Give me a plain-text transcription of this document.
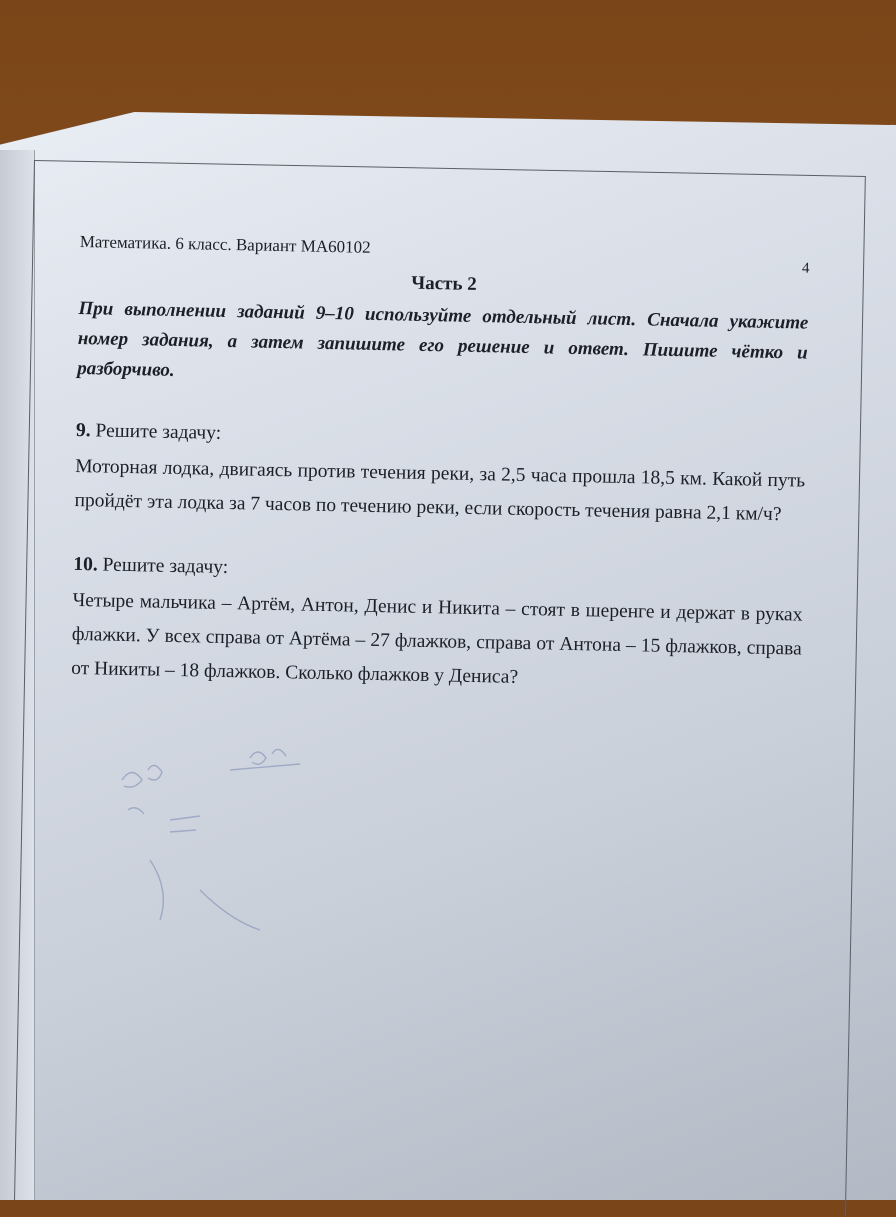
Математика. 6 класс. Вариант МА60102
4
Часть 2
При выполнении заданий 9–10 используйте отдельный лист. Сначала укажите номер задания, а затем запишите его решение и ответ. Пишите чётко и разборчиво.
9. Решите задачу:
Моторная лодка, двигаясь против течения реки, за 2,5 часа прошла 18,5 км. Какой путь пройдёт эта лодка за 7 часов по течению реки, если скорость течения равна 2,1 км/ч?
10. Решите задачу:
Четыре мальчика – Артём, Антон, Денис и Никита – стоят в шеренге и держат в руках флажки. У всех справа от Артёма – 27 флажков, справа от Антона – 15 флажков, справа от Никиты – 18 флажков. Сколько флажков у Дениса?
